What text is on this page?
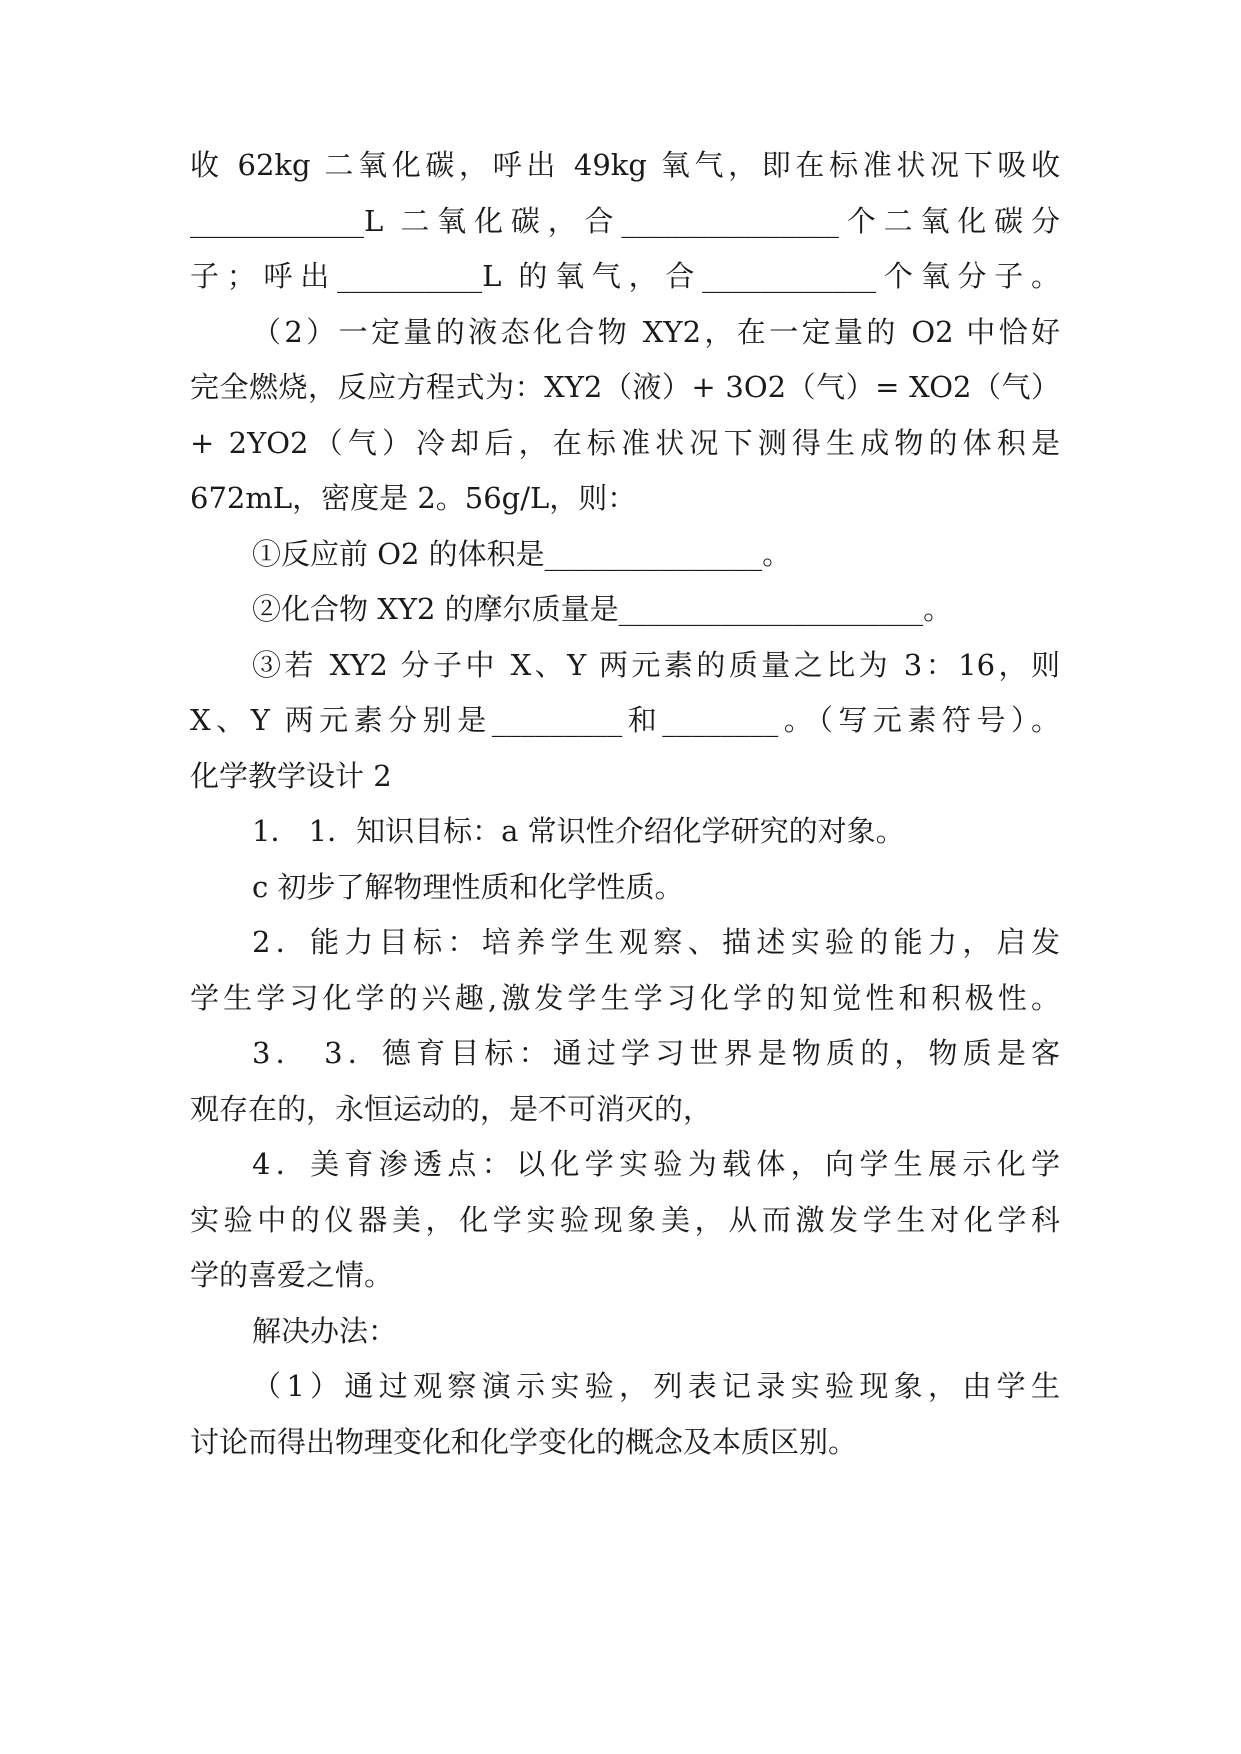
收 62kg 二氧化碳，呼出 49kg 氧气，即在标准状况下吸收
____________L 二氧化碳，合_______________个二氧化碳分
子；呼出__________L 的氧气，合____________个氧分子。
（2）一定量的液态化合物 XY2，在一定量的 O2 中恰好
完全燃烧，反应方程式为：XY2（液）+ 3O2（气）= XO2（气）
+ 2YO2（气）冷却后，在标准状况下测得生成物的体积是
672mL，密度是 2。56g/L，则：
①反应前 O2 的体积是_______________。
②化合物 XY2 的摩尔质量是_____________________。
③若 XY2 分子中 X、Y 两元素的质量之比为 3：16，则
X、Y 两元素分别是_________和________。（写元素符号）。
化学教学设计 2
1． 1．知识目标：a 常识性介绍化学研究的对象。
c 初步了解物理性质和化学性质。
2．能力目标：培养学生观察、描述实验的能力，启发
学生学习化学的兴趣,激发学生学习化学的知觉性和积极性。
3． 3．德育目标：通过学习世界是物质的，物质是客
观存在的，永恒运动的，是不可消灭的，
4．美育渗透点：以化学实验为载体，向学生展示化学
实验中的仪器美，化学实验现象美，从而激发学生对化学科
学的喜爱之情。
解决办法：
（1）通过观察演示实验，列表记录实验现象，由学生
讨论而得出物理变化和化学变化的概念及本质区别。
